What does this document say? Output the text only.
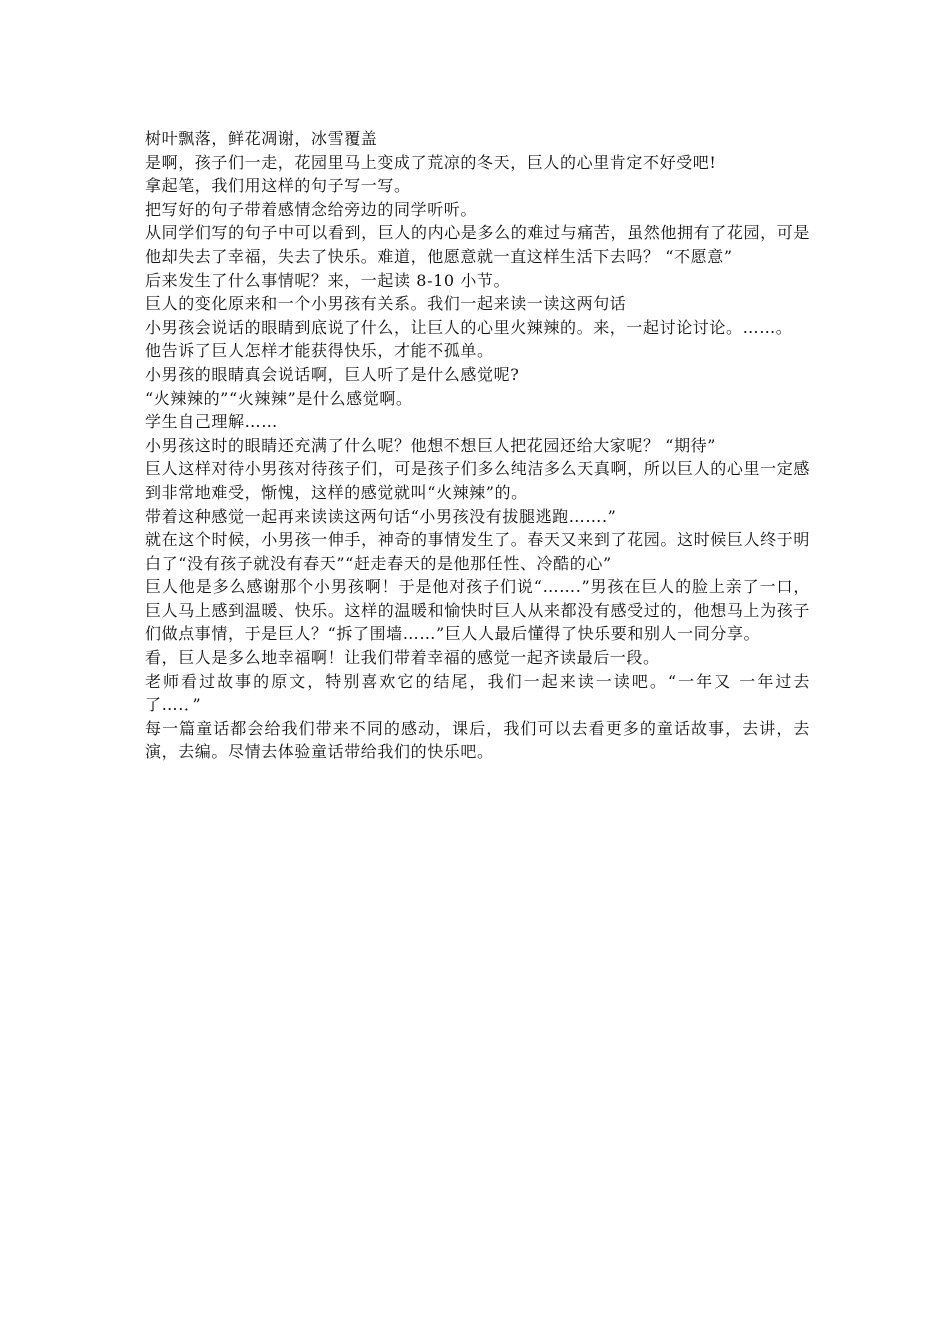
树叶飘落，鲜花凋谢，冰雪覆盖

是啊，孩子们一走，花园里马上变成了荒凉的冬天，巨人的心里肯定不好受吧!

拿起笔，我们用这样的句子写一写。

把写好的句子带着感情念给旁边的同学听听。

从同学们写的句子中可以看到，巨人的内心是多么的难过与痛苦，虽然他拥有了花园，可是他却失去了幸福，失去了快乐。难道，他愿意就一直这样生活下去吗？ “不愿意”

后来发生了什么事情呢？来，一起读 8-10 小节。

巨人的变化原来和一个小男孩有关系。我们一起来读一读这两句话

小男孩会说话的眼睛到底说了什么，让巨人的心里火辣辣的。来，一起讨论讨论。……。

他告诉了巨人怎样才能获得快乐，才能不孤单。

小男孩的眼睛真会说话啊，巨人听了是什么感觉呢?

“火辣辣的”“火辣辣”是什么感觉啊。

学生自己理解……

小男孩这时的眼睛还充满了什么呢？他想不想巨人把花园还给大家呢？ “期待”

巨人这样对待小男孩对待孩子们，可是孩子们多么纯洁多么天真啊，所以巨人的心里一定感到非常地难受，惭愧，这样的感觉就叫“火辣辣”的。

带着这种感觉一起再来读读这两句话“小男孩没有拔腿逃跑…….”

就在这个时候，小男孩一伸手，神奇的事情发生了。春天又来到了花园。这时候巨人终于明白了“没有孩子就没有春天”“赶走春天的是他那任性、冷酷的心”

巨人他是多么感谢那个小男孩啊！于是他对孩子们说“…….”男孩在巨人的脸上亲了一口，巨人马上感到温暖、快乐。这样的温暖和愉快时巨人从来都没有感受过的，他想马上为孩子们做点事情，于是巨人？“拆了围墙……”巨人人最后懂得了快乐要和别人一同分享。

看，巨人是多么地幸福啊！让我们带着幸福的感觉一起齐读最后一段。

老师看过故事的原文，特别喜欢它的结尾，我们一起来读一读吧。“一年又 一年过去了….．”

每一篇童话都会给我们带来不同的感动，课后，我们可以去看更多的童话故事，去讲，去演，去编。尽情去体验童话带给我们的快乐吧。
